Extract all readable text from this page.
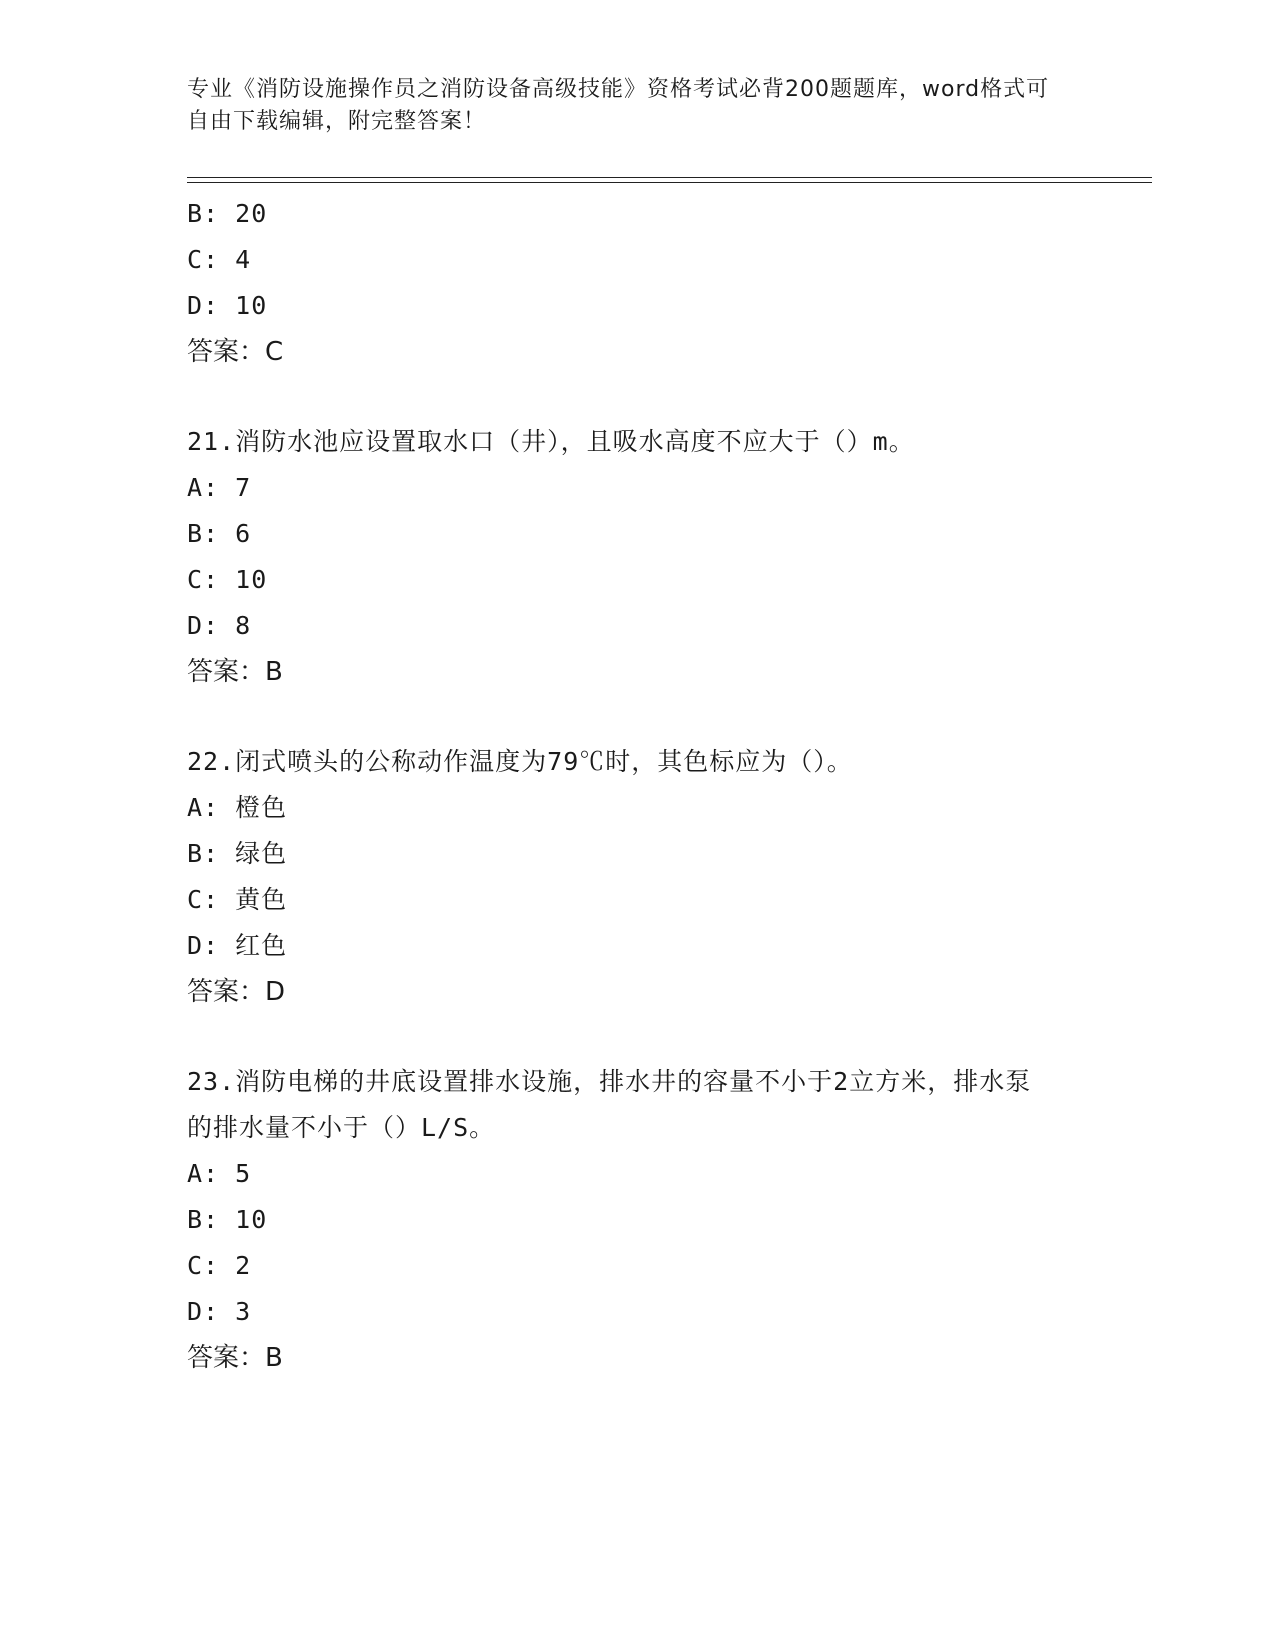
专业《消防设施操作员之消防设备高级技能》资格考试必背200题题库，word格式可自由下载编辑，附完整答案！
B: 20
C: 4
D: 10
答案：C
21.消防水池应设置取水口（井），且吸水高度不应大于（）m。
A: 7
B: 6
C: 10
D: 8
答案：B
22.闭式喷头的公称动作温度为79℃时，其色标应为（）。
A: 橙色
B: 绿色
C: 黄色
D: 红色
答案：D
23.消防电梯的井底设置排水设施，排水井的容量不小于2立方米，排水泵的排水量不小于（）L/S。
A: 5
B: 10
C: 2
D: 3
答案：B
